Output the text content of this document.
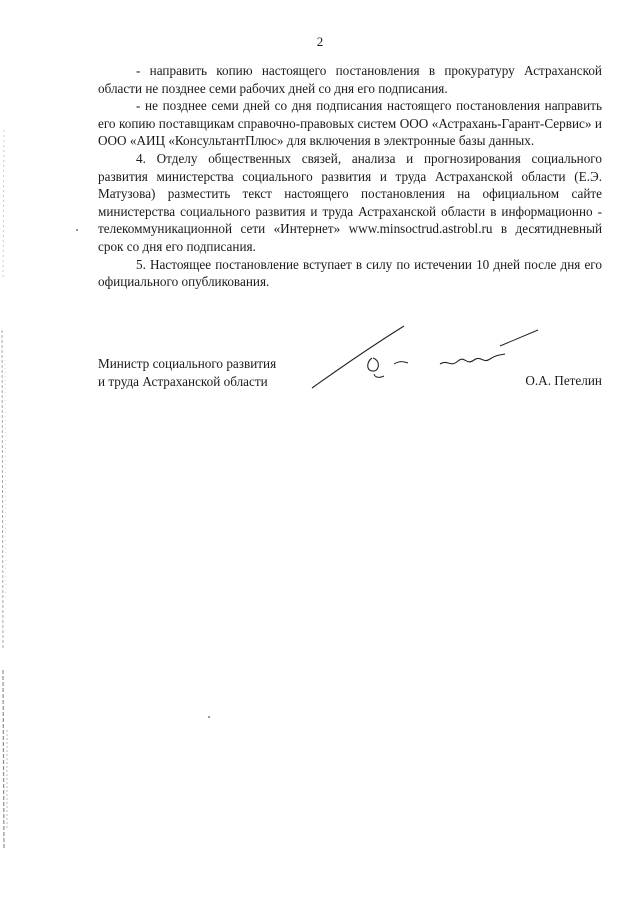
2

- направить копию настоящего постановления в прокуратуру Астраханской области не позднее семи рабочих дней со дня его подписания.

- не позднее семи дней со дня подписания настоящего постановления направить его копию поставщикам справочно-правовых систем ООО «Астрахань-Гарант-Сервис» и ООО «АИЦ «КонсультантПлюс» для включения в электронные базы данных.

4. Отделу общественных связей, анализа и прогнозирования социального развития министерства социального развития и труда Астраханской области (Е.Э. Матузова) разместить текст настоящего постановления на официальном сайте министерства социального развития и труда Астраханской области в информационно - телекоммуникационной сети «Интернет» www.minsoctrud.astrobl.ru в десятидневный срок со дня его подписания.

5. Настоящее постановление вступает в силу по истечении 10 дней после дня его официального опубликования.

Министр социального развития
и труда Астраханской области	О.А. Петелин
